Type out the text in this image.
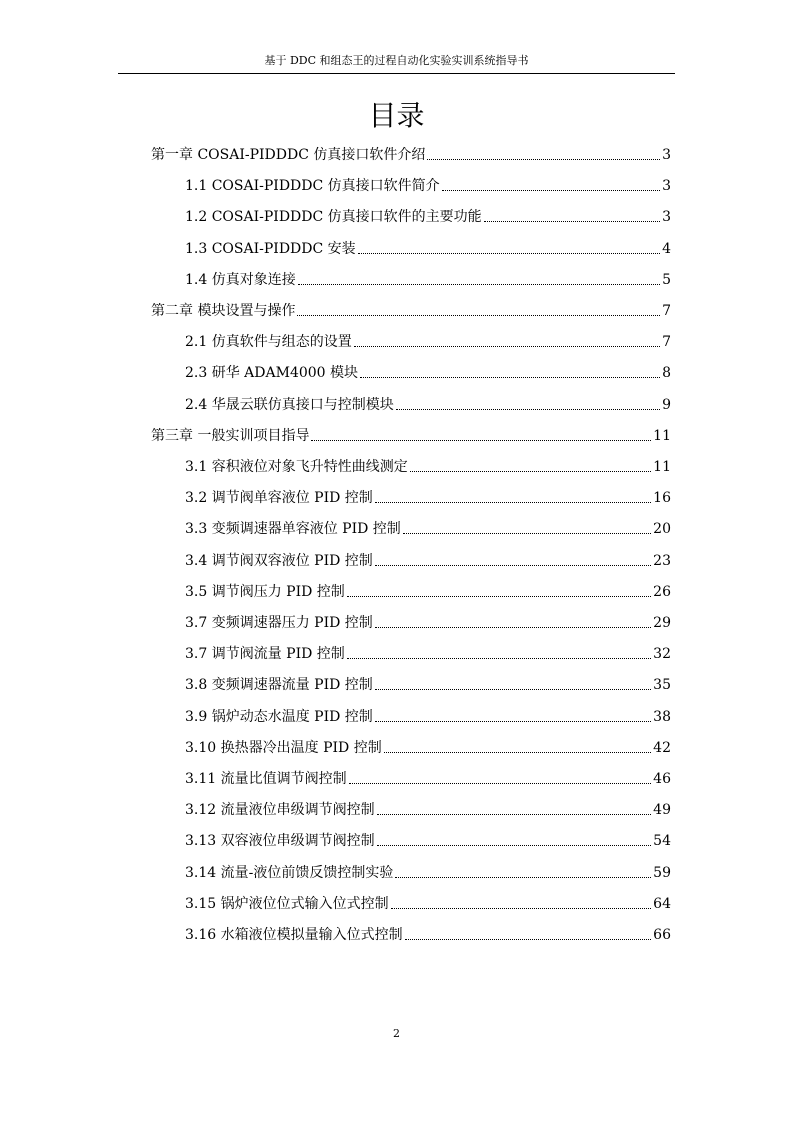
基于 DDC 和组态王的过程自动化实验实训系统指导书
目录
第一章 COSAI-PIDDDC 仿真接口软件介绍	3
1.1 COSAI-PIDDDC 仿真接口软件简介	3
1.2 COSAI-PIDDDC 仿真接口软件的主要功能	3
1.3 COSAI-PIDDDC 安装	4
1.4 仿真对象连接	5
第二章 模块设置与操作	7
2.1 仿真软件与组态的设置	7
2.3 研华 ADAM4000 模块	8
2.4 华晟云联仿真接口与控制模块	9
第三章 一般实训项目指导	11
3.1 容积液位对象飞升特性曲线测定	11
3.2 调节阀单容液位 PID 控制	16
3.3 变频调速器单容液位 PID 控制	20
3.4 调节阀双容液位 PID 控制	23
3.5 调节阀压力 PID 控制	26
3.7 变频调速器压力 PID 控制	29
3.7 调节阀流量 PID 控制	32
3.8 变频调速器流量 PID 控制	35
3.9 锅炉动态水温度 PID 控制	38
3.10 换热器冷出温度 PID 控制	42
3.11 流量比值调节阀控制	46
3.12 流量液位串级调节阀控制	49
3.13 双容液位串级调节阀控制	54
3.14 流量-液位前馈反馈控制实验	59
3.15 锅炉液位位式输入位式控制	64
3.16 水箱液位模拟量输入位式控制	66
2
